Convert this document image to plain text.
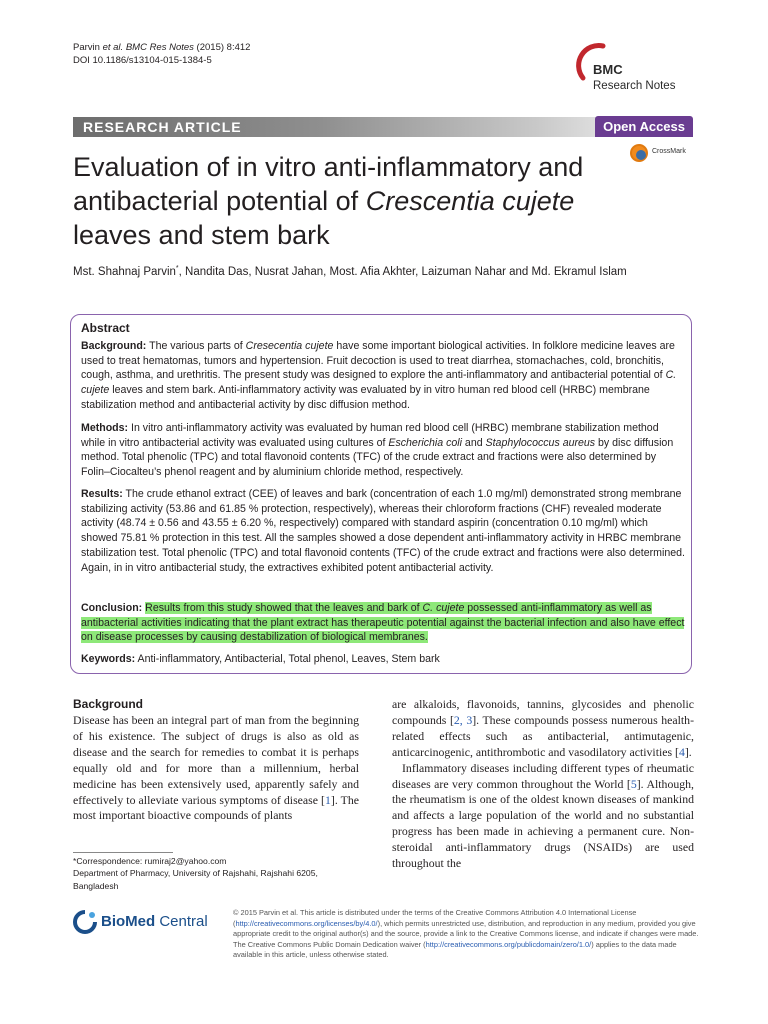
Parvin et al. BMC Res Notes (2015) 8:412
DOI 10.1186/s13104-015-1384-5
BMC
Research Notes
RESEARCH ARTICLE	Open Access
CrossMark
Evaluation of in vitro anti-inflammatory and antibacterial potential of Crescentia cujete leaves and stem bark
Mst. Shahnaj Parvin*, Nandita Das, Nusrat Jahan, Most. Afia Akhter, Laizuman Nahar and Md. Ekramul Islam
Abstract
Background: The various parts of Cresecentia cujete have some important biological activities. In folklore medicine leaves are used to treat hematomas, tumors and hypertension. Fruit decoction is used to treat diarrhea, stomachaches, cold, bronchitis, cough, asthma, and urethritis. The present study was designed to explore the anti-inflammatory and antibacterial potential of C. cujete leaves and stem bark. Anti-inflammatory activity was evaluated by in vitro human red blood cell (HRBC) membrane stabilization method and antibacterial activity by disc diffusion method.
Methods: In vitro anti-inflammatory activity was evaluated by human red blood cell (HRBC) membrane stabilization method while in vitro antibacterial activity was evaluated using cultures of Escherichia coli and Staphylococcus aureus by disc diffusion method. Total phenolic (TPC) and total flavonoid contents (TFC) of the crude extract and fractions were also determined by Folin–Ciocalteu’s phenol reagent and by aluminium chloride method, respectively.
Results: The crude ethanol extract (CEE) of leaves and bark (concentration of each 1.0 mg/ml) demonstrated strong membrane stabilizing activity (53.86 and 61.85 % protection, respectively), whereas their chloroform fractions (CHF) revealed moderate activity (48.74 ± 0.56 and 43.55 ± 6.20 %, respectively) compared with standard aspirin (concentration 0.10 mg/ml) which showed 75.81 % protection in this test. All the samples showed a dose dependent anti-inflammatory activity in HRBC membrane stabilization test. Total phenolic (TPC) and total flavonoid contents (TFC) of the crude extract and fractions were also determined. Again, in in vitro antibacterial study, the extractives exhibited potent antibacterial activity.
Conclusion: Results from this study showed that the leaves and bark of C. cujete possessed anti-inflammatory as well as antibacterial activities indicating that the plant extract has therapeutic potential against the bacterial infection and also have effect on disease processes by causing destabilization of biological membranes.
Keywords: Anti-inflammatory, Antibacterial, Total phenol, Leaves, Stem bark
Background
Disease has been an integral part of man from the beginning of his existence. The subject of drugs is also as old as disease and the search for remedies to combat it is perhaps equally old and for more than a millennium, herbal medicine has been extensively used, apparently safely and effectively to alleviate various symptoms of disease [1]. The most important bioactive compounds of plants
are alkaloids, flavonoids, tannins, glycosides and phenolic compounds [2, 3]. These compounds possess numerous health-related effects such as antibacterial, antimutagenic, anticarcinogenic, antithrombotic and vasodilatory activities [4].
Inflammatory diseases including different types of rheumatic diseases are very common throughout the World [5]. Although, the rheumatism is one of the oldest known diseases of mankind and affects a large population of the world and no substantial progress has been made in achieving a permanent cure. Non-steroidal anti-inflammatory drugs (NSAIDs) are used throughout the
*Correspondence: rumiraj2@yahoo.com
Department of Pharmacy, University of Rajshahi, Rajshahi 6205, Bangladesh
BioMed Central
© 2015 Parvin et al. This article is distributed under the terms of the Creative Commons Attribution 4.0 International License (http://creativecommons.org/licenses/by/4.0/), which permits unrestricted use, distribution, and reproduction in any medium, provided you give appropriate credit to the original author(s) and the source, provide a link to the Creative Commons license, and indicate if changes were made. The Creative Commons Public Domain Dedication waiver (http://creativecommons.org/publicdomain/zero/1.0/) applies to the data made available in this article, unless otherwise stated.
